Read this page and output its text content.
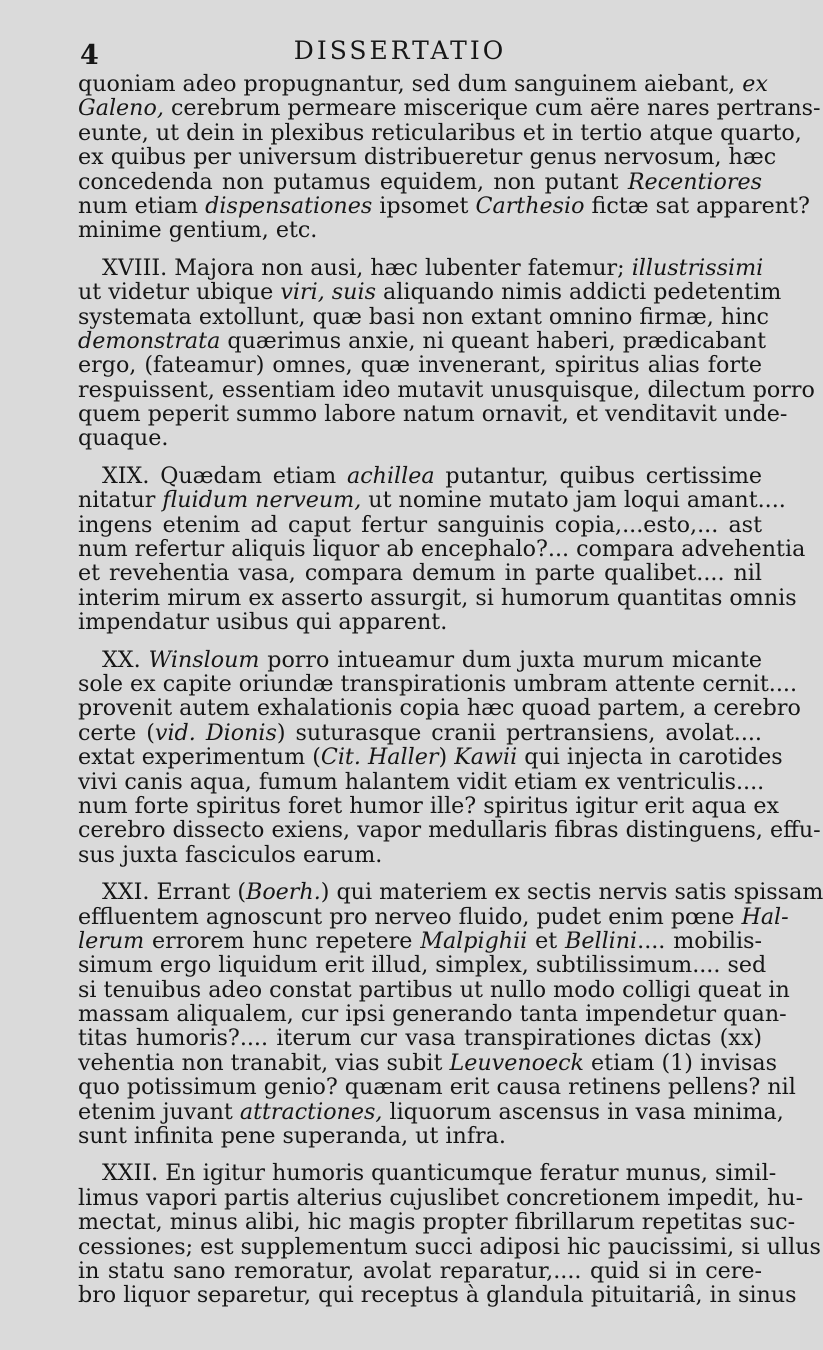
4	DISSERTATIO
quoniam adeo propugnantur, sed dum sanguinem aiebant, ex
Galeno, cerebrum permeare miscerique cum aëre nares pertrans-
eunte, ut dein in plexibus reticularibus et in tertio atque quarto,
ex quibus per universum distribueretur genus nervosum, hæc
concedenda non putamus equidem, non putant Recentiores
num etiam dispensationes ipsomet Carthesio fictæ sat apparent?
minime gentium, etc.
XVIII. Majora non ausi, hæc lubenter fatemur; illustrissimi
ut videtur ubique viri, suis aliquando nimis addicti pedetentim
systemata extollunt, quæ basi non extant omnino firmæ, hinc
demonstrata quærimus anxie, ni queant haberi, prædicabant
ergo, (fateamur) omnes, quæ invenerant, spiritus alias forte
respuissent, essentiam ideo mutavit unusquisque, dilectum porro
quem peperit summo labore natum ornavit, et venditavit unde-
quaque.
XIX. Quædam etiam achillea putantur, quibus certissime
nitatur fluidum nerveum, ut nomine mutato jam loqui amant....
ingens etenim ad caput fertur sanguinis copia,...esto,... ast
num refertur aliquis liquor ab encephalo?... compara advehentia
et revehentia vasa, compara demum in parte qualibet.... nil
interim mirum ex asserto assurgit, si humorum quantitas omnis
impendatur usibus qui apparent.
XX. Winsloum porro intueamur dum juxta murum micante
sole ex capite oriundæ transpirationis umbram attente cernit....
provenit autem exhalationis copia hæc quoad partem, a cerebro
certe (vid. Dionis) suturasque cranii pertransiens, avolat....
extat experimentum (Cit. Haller) Kawii qui injecta in carotides
vivi canis aqua, fumum halantem vidit etiam ex ventriculis....
num forte spiritus foret humor ille? spiritus igitur erit aqua ex
cerebro dissecto exiens, vapor medullaris fibras distinguens, effu-
sus juxta fasciculos earum.
XXI. Errant (Boerh.) qui materiem ex sectis nervis satis spissam
effluentem agnoscunt pro nerveo fluido, pudet enim pœne Hal-
lerum errorem hunc repetere Malpighii et Bellini.... mobilis-
simum ergo liquidum erit illud, simplex, subtilissimum.... sed
si tenuibus adeo constat partibus ut nullo modo colligi queat in
massam aliqualem, cur ipsi generando tanta impendetur quan-
titas humoris?.... iterum cur vasa transpirationes dictas (xx)
vehentia non tranabit, vias subit Leuvenoeck etiam (1) invisas
quo potissimum genio? quænam erit causa retinens pellens? nil
etenim juvant attractiones, liquorum ascensus in vasa minima,
sunt infinita pene superanda, ut infra.
XXII. En igitur humoris quanticumque feratur munus, simil-
limus vapori partis alterius cujuslibet concretionem impedit, hu-
mectat, minus alibi, hic magis propter fibrillarum repetitas suc-
cessiones; est supplementum succi adiposi hic paucissimi, si ullus
in statu sano remoratur, avolat reparatur,.... quid si in cere-
bro liquor separetur, qui receptus à glandula pituitariâ, in sinus
